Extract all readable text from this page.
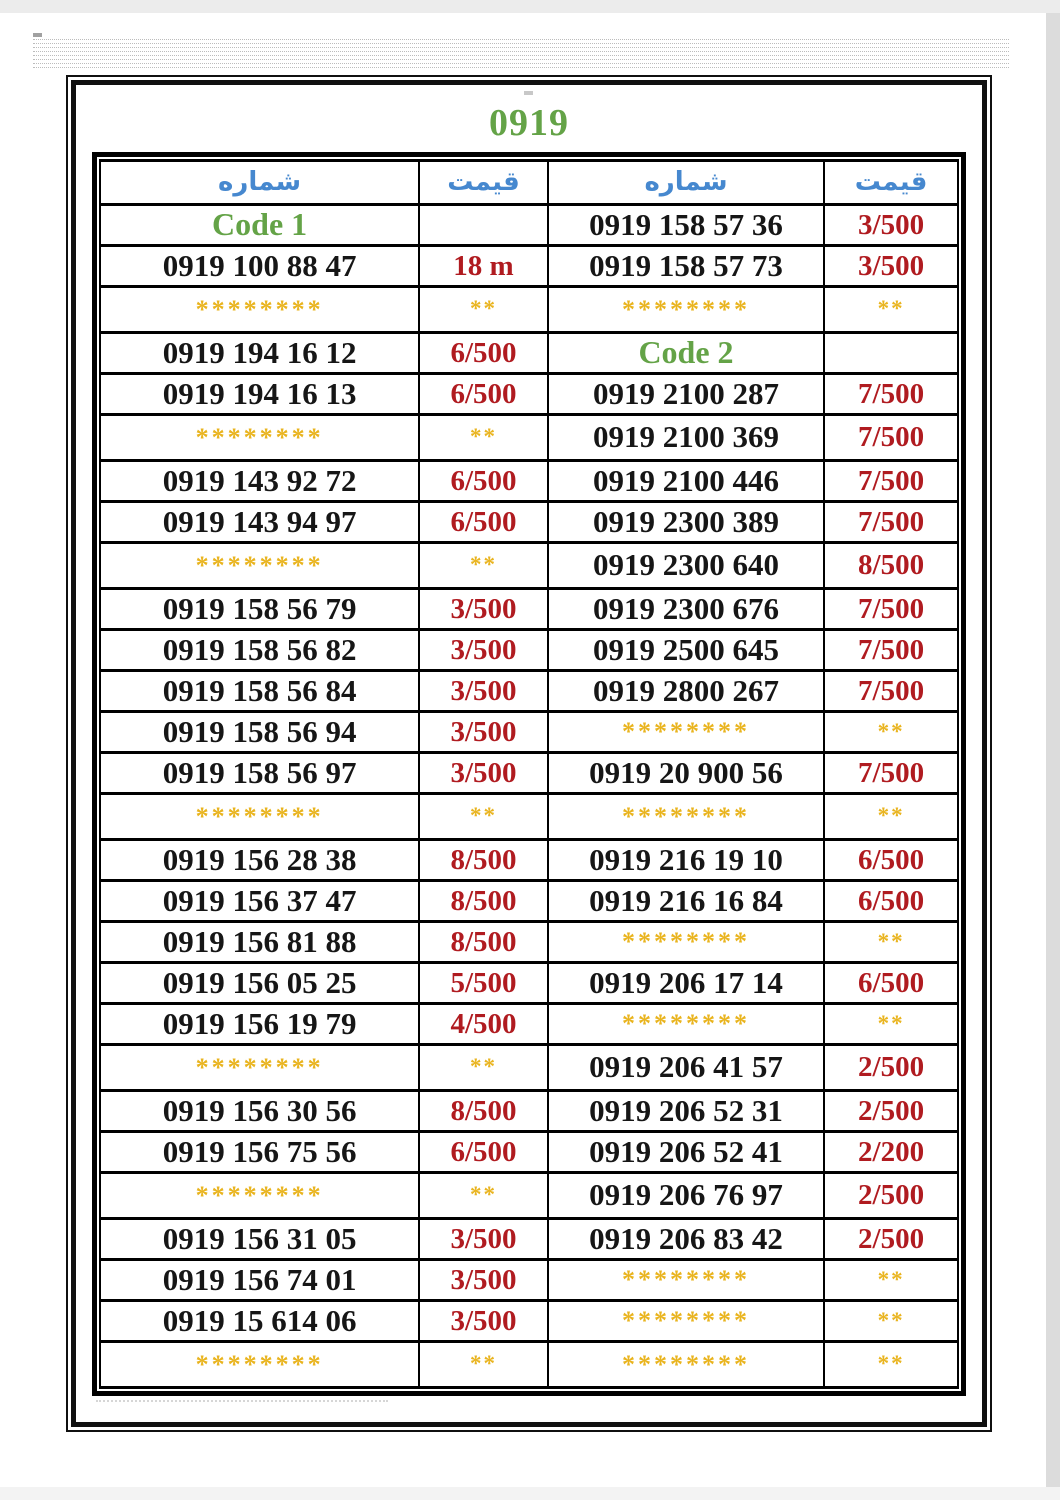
0919
شماره	قیمت	شماره	قیمت
Code 1		0919 158 57 36	3/500
0919 100 88 47	18 m	0919 158 57 73	3/500
********	**	********	**
0919 194 16 12	6/500	Code 2	
0919 194 16 13	6/500	0919 2100 287	7/500
********	**	0919 2100 369	7/500
0919 143 92 72	6/500	0919 2100 446	7/500
0919 143 94 97	6/500	0919 2300 389	7/500
********	**	0919 2300 640	8/500
0919 158 56 79	3/500	0919 2300 676	7/500
0919 158 56 82	3/500	0919 2500 645	7/500
0919 158 56 84	3/500	0919 2800 267	7/500
0919 158 56 94	3/500	********	**
0919 158 56 97	3/500	0919 20 900 56	7/500
********	**	********	**
0919 156 28 38	8/500	0919 216 19 10	6/500
0919 156 37 47	8/500	0919 216 16 84	6/500
0919 156 81 88	8/500	********	**
0919 156 05 25	5/500	0919 206 17 14	6/500
0919 156 19 79	4/500	********	**
********	**	0919 206 41 57	2/500
0919 156 30 56	8/500	0919 206 52 31	2/500
0919 156 75 56	6/500	0919 206 52 41	2/200
********	**	0919 206 76 97	2/500
0919 156 31 05	3/500	0919 206 83 42	2/500
0919 156 74 01	3/500	********	**
0919 15 614 06	3/500	********	**
********	**	********	**
